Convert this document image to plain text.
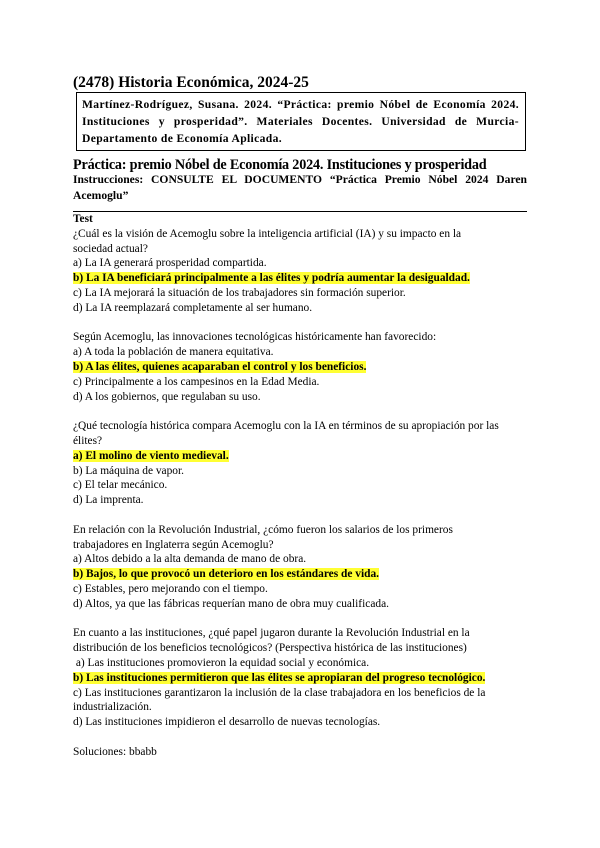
(2478) Historia Económica, 2024-25
Martínez-Rodríguez, Susana. 2024. “Práctica: premio Nóbel de Economía 2024. Instituciones y prosperidad”. Materiales Docentes. Universidad de Murcia- Departamento de Economía Aplicada.
Práctica: premio Nóbel de Economía 2024. Instituciones y prosperidad
Instrucciones: CONSULTE EL DOCUMENTO “Práctica Premio Nóbel 2024 Daren Acemoglu”
Test
¿Cuál es la visión de Acemoglu sobre la inteligencia artificial (IA) y su impacto en la
sociedad actual?
a) La IA generará prosperidad compartida.
b) La IA beneficiará principalmente a las élites y podría aumentar la desigualdad.
c) La IA mejorará la situación de los trabajadores sin formación superior.
d) La IA reemplazará completamente al ser humano.
Según Acemoglu, las innovaciones tecnológicas históricamente han favorecido:
a) A toda la población de manera equitativa.
b) A las élites, quienes acaparaban el control y los beneficios.
c) Principalmente a los campesinos en la Edad Media.
d) A los gobiernos, que regulaban su uso.
¿Qué tecnología histórica compara Acemoglu con la IA en términos de su apropiación por las
élites?
a) El molino de viento medieval.
b) La máquina de vapor.
c) El telar mecánico.
d) La imprenta.
En relación con la Revolución Industrial, ¿cómo fueron los salarios de los primeros
trabajadores en Inglaterra según Acemoglu?
a) Altos debido a la alta demanda de mano de obra.
b) Bajos, lo que provocó un deterioro en los estándares de vida.
c) Estables, pero mejorando con el tiempo.
d) Altos, ya que las fábricas requerían mano de obra muy cualificada.
En cuanto a las instituciones, ¿qué papel jugaron durante la Revolución Industrial en la
distribución de los beneficios tecnológicos? (Perspectiva histórica de las instituciones)
a) Las instituciones promovieron la equidad social y económica.
b) Las instituciones permitieron que las élites se apropiaran del progreso tecnológico.
c) Las instituciones garantizaron la inclusión de la clase trabajadora en los beneficios de la
industrialización.
d) Las instituciones impidieron el desarrollo de nuevas tecnologías.
Soluciones: bbabb
